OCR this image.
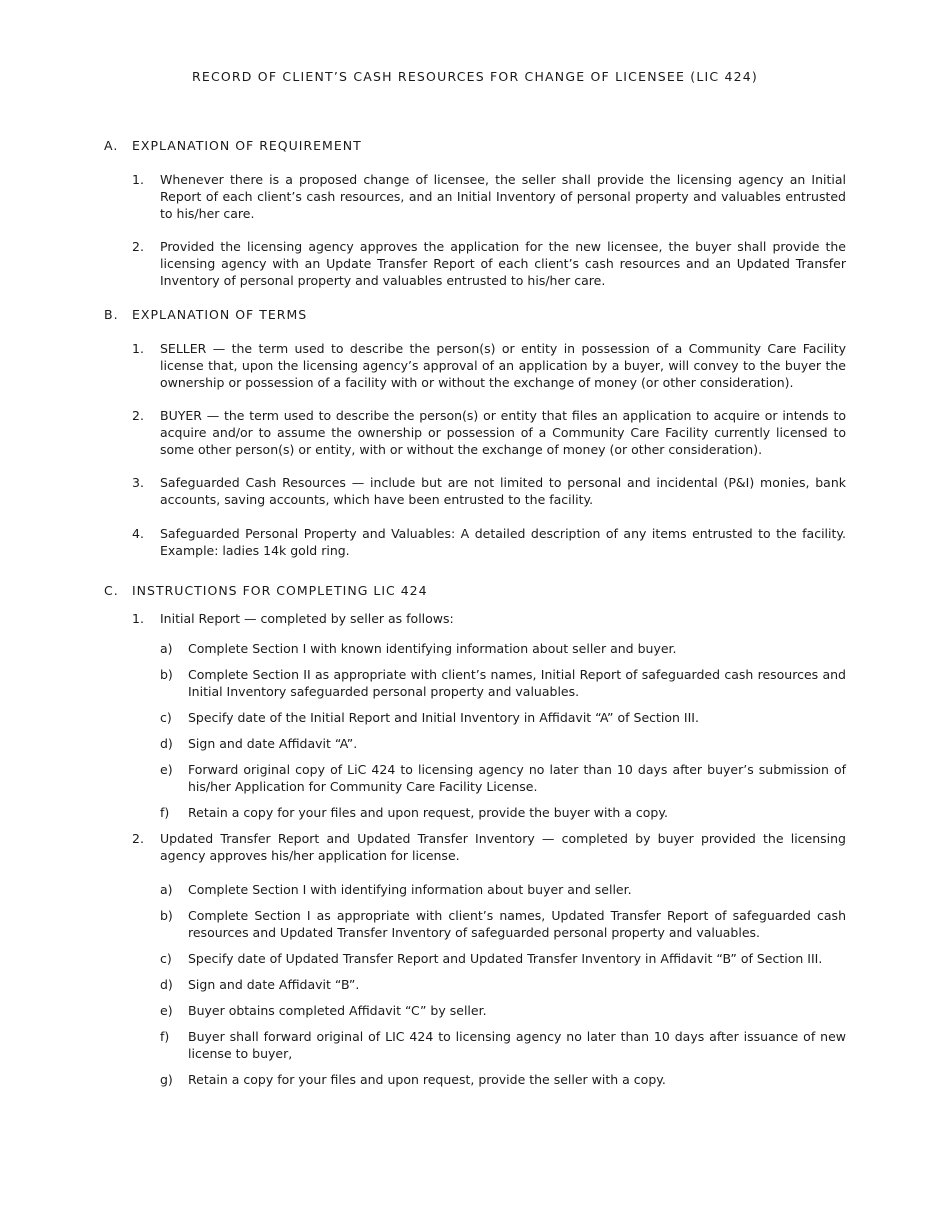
RECORD OF CLIENT’S CASH RESOURCES FOR CHANGE OF LICENSEE (LIC 424)
A. EXPLANATION OF REQUIREMENT
1. Whenever there is a proposed change of licensee, the seller shall provide the licensing agency an Initial Report of each client’s cash resources, and an Initial Inventory of personal property and valuables entrusted to his/her care.
2. Provided the licensing agency approves the application for the new licensee, the buyer shall provide the licensing agency with an Update Transfer Report of each client’s cash resources and an Updated Transfer Inventory of personal property and valuables entrusted to his/her care.
B. EXPLANATION OF TERMS
1. SELLER — the term used to describe the person(s) or entity in possession of a Community Care Facility license that, upon the licensing agency’s approval of an application by a buyer, will convey to the buyer the ownership or possession of a facility with or without the exchange of money (or other consideration).
2. BUYER — the term used to describe the person(s) or entity that files an application to acquire or intends to acquire and/or to assume the ownership or possession of a Community Care Facility currently licensed to some other person(s) or entity, with or without the exchange of money (or other consideration).
3. Safeguarded Cash Resources — include but are not limited to personal and incidental (P&I) monies, bank accounts, saving accounts, which have been entrusted to the facility.
4. Safeguarded Personal Property and Valuables: A detailed description of any items entrusted to the facility. Example: ladies 14k gold ring.
C. INSTRUCTIONS FOR COMPLETING LIC 424
1. Initial Report — completed by seller as follows:
a) Complete Section I with known identifying information about seller and buyer.
b) Complete Section II as appropriate with client’s names, Initial Report of safeguarded cash resources and Initial Inventory safeguarded personal property and valuables.
c) Specify date of the Initial Report and Initial Inventory in Affidavit “A” of Section III.
d) Sign and date Affidavit “A”.
e) Forward original copy of LiC 424 to licensing agency no later than 10 days after buyer’s submission of his/her Application for Community Care Facility License.
f) Retain a copy for your files and upon request, provide the buyer with a copy.
2. Updated Transfer Report and Updated Transfer Inventory — completed by buyer provided the licensing agency approves his/her application for license.
a) Complete Section I with identifying information about buyer and seller.
b) Complete Section I as appropriate with client’s names, Updated Transfer Report of safeguarded cash resources and Updated Transfer Inventory of safeguarded personal property and valuables.
c) Specify date of Updated Transfer Report and Updated Transfer Inventory in Affidavit “B” of Section III.
d) Sign and date Affidavit “B”.
e) Buyer obtains completed Affidavit “C” by seller.
f) Buyer shall forward original of LIC 424 to licensing agency no later than 10 days after issuance of new license to buyer,
g) Retain a copy for your files and upon request, provide the seller with a copy.
